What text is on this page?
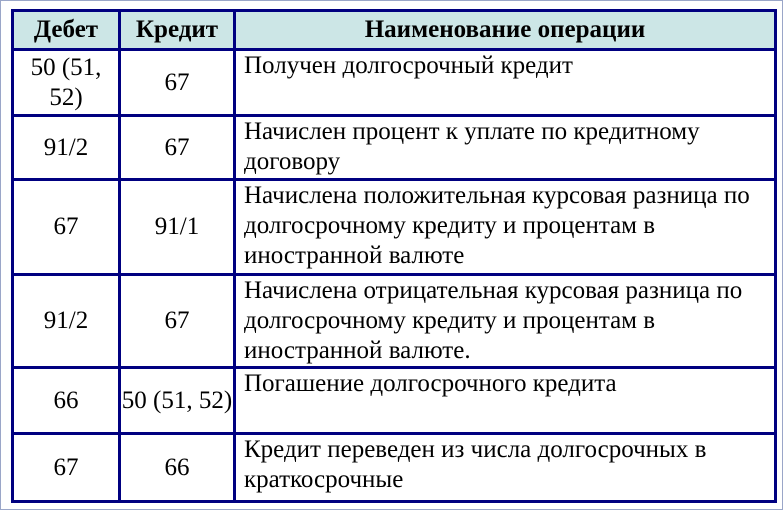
Дебет	Кредит	Наименование операции
50 (51, 52)	67	Получен долгосрочный кредит
91/2	67	Начислен процент к уплате по кредитному договору
67	91/1	Начислена положительная курсовая разница по долгосрочному кредиту и процентам в иностранной валюте
91/2	67	Начислена отрицательная курсовая разница по долгосрочному кредиту и процентам в иностранной валюте.
66	50 (51, 52)	Погашение долгосрочного кредита
67	66	Кредит переведен из числа долгосрочных в краткосрочные
